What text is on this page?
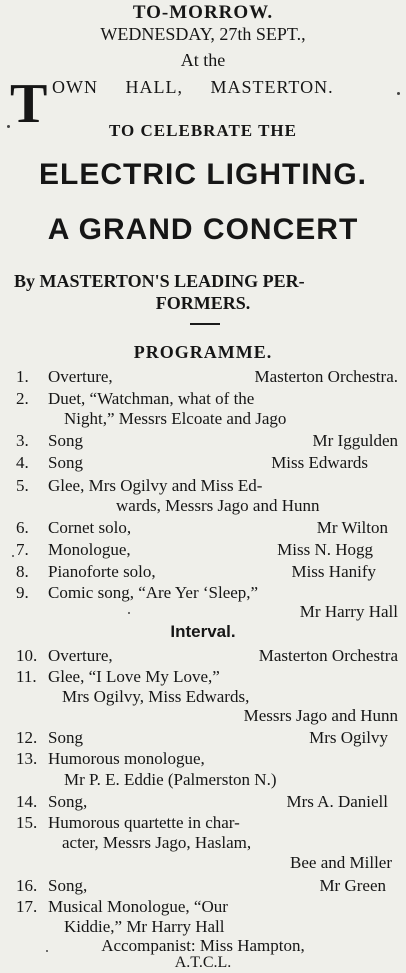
TO-MORROW.
WEDNESDAY, 27th SEPT.,
At the
T OWN HALL, MASTERTON.
TO CELEBRATE THE
ELECTRIC LIGHTING.
A GRAND CONCERT
By MASTERTON'S LEADING PER-
FORMERS.
PROGRAMME.
1.	Overture,	Masterton Orchestra.
2.	Duet, “Watchman, what of the
Night,” Messrs Elcoate and Jago
3.	Song	Mr Iggulden
4.	Song	Miss Edwards
5.	Glee, Mrs Ogilvy and Miss Ed-
wards, Messrs Jago and Hunn
6.	Cornet solo,	Mr Wilton
7.	Monologue,	Miss N. Hogg
8.	Pianoforte solo,	Miss Hanify
9.	Comic song, “Are Yer ‘Sleep,”
Mr Harry Hall
Interval.
10. Overture,	Masterton Orchestra
11. Glee, “I Love My Love,”
Mrs Ogilvy, Miss Edwards,
Messrs Jago and Hunn
12. Song	Mrs Ogilvy
13. Humorous monologue,
Mr P. E. Eddie (Palmerston N.)
14. Song,	Mrs A. Daniell
15. Humorous quartette in char-
acter, Messrs Jago, Haslam,
Bee and Miller
16. Song,	Mr Green
17. Musical Monologue, “Our
Kiddie,” Mr Harry Hall
Accompanist: Miss Hampton,
A.T.C.L.
